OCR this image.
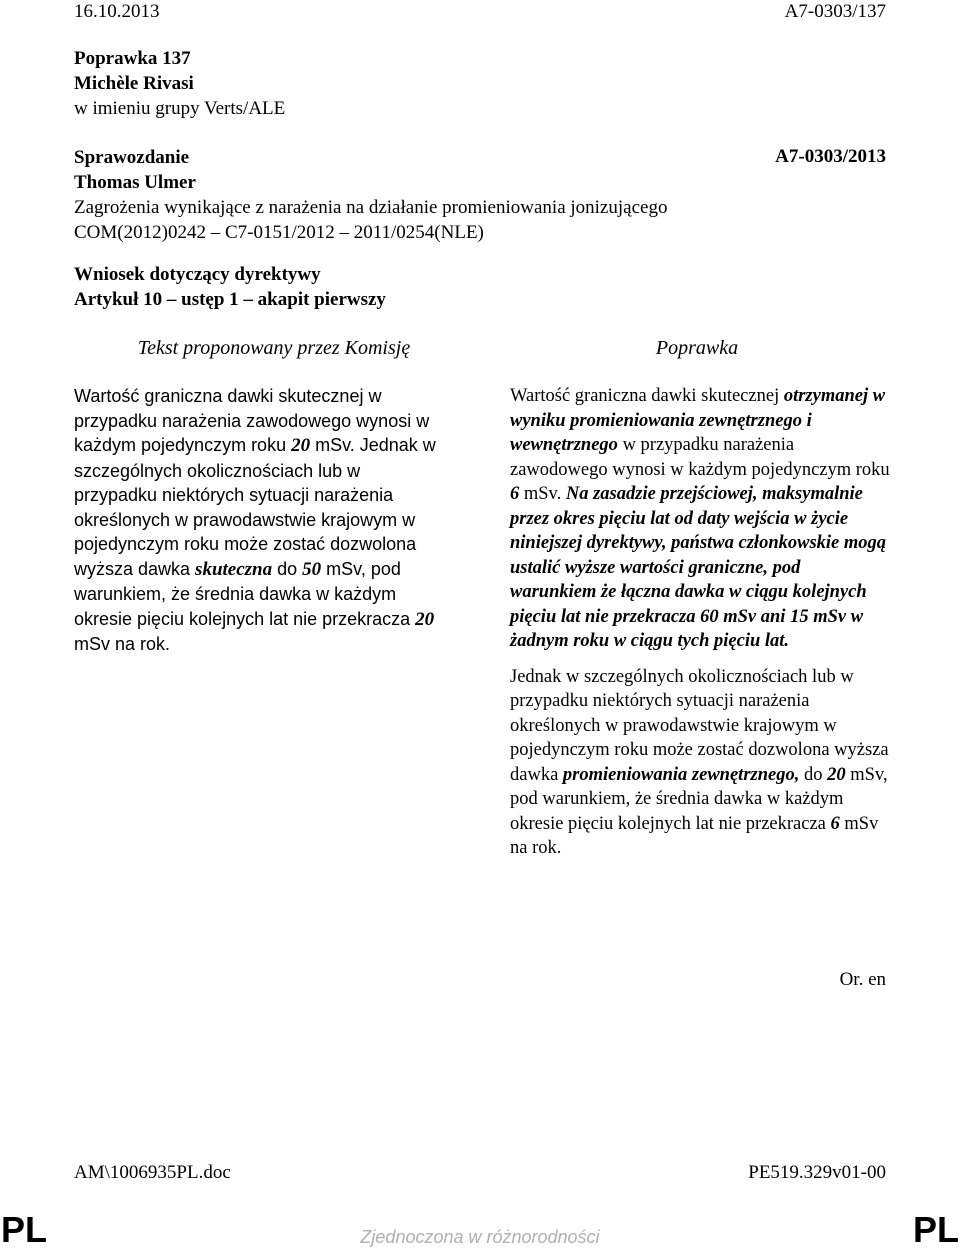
16.10.2013	A7-0303/137
Poprawka 137
Michèle Rivasi
w imieniu grupy Verts/ALE
Sprawozdanie	A7-0303/2013
Thomas Ulmer
Zagrożenia wynikające z narażenia na działanie promieniowania jonizującego
COM(2012)0242 – C7-0151/2012 – 2011/0254(NLE)
Wniosek dotyczący dyrektywy
Artykuł 10 – ustęp 1 – akapit pierwszy
Tekst proponowany przez Komisję	Poprawka
Wartość graniczna dawki skutecznej w przypadku narażenia zawodowego wynosi w każdym pojedynczym roku 20 mSv. Jednak w szczególnych okolicznościach lub w przypadku niektórych sytuacji narażenia określonych w prawodawstwie krajowym w pojedynczym roku może zostać dozwolona wyższa dawka skuteczna do 50 mSv, pod warunkiem, że średnia dawka w każdym okresie pięciu kolejnych lat nie przekracza 20 mSv na rok.

Wartość graniczna dawki skutecznej otrzymanej w wyniku promieniowania zewnętrznego i wewnętrznego w przypadku narażenia zawodowego wynosi w każdym pojedynczym roku 6 mSv. Na zasadzie przejściowej, maksymalnie przez okres pięciu lat od daty wejścia w życie niniejszej dyrektywy, państwa członkowskie mogą ustalić wyższe wartości graniczne, pod warunkiem że łączna dawka w ciągu kolejnych pięciu lat nie przekracza 60 mSv ani 15 mSv w żadnym roku w ciągu tych pięciu lat.

Jednak w szczególnych okolicznościach lub w przypadku niektórych sytuacji narażenia określonych w prawodawstwie krajowym w pojedynczym roku może zostać dozwolona wyższa dawka promieniowania zewnętrznego, do 20 mSv, pod warunkiem, że średnia dawka w każdym okresie pięciu kolejnych lat nie przekracza 6 mSv na rok.

Or. en
AM\1006935PL.doc	PE519.329v01-00
PL	Zjednoczona w różnorodności	PL
